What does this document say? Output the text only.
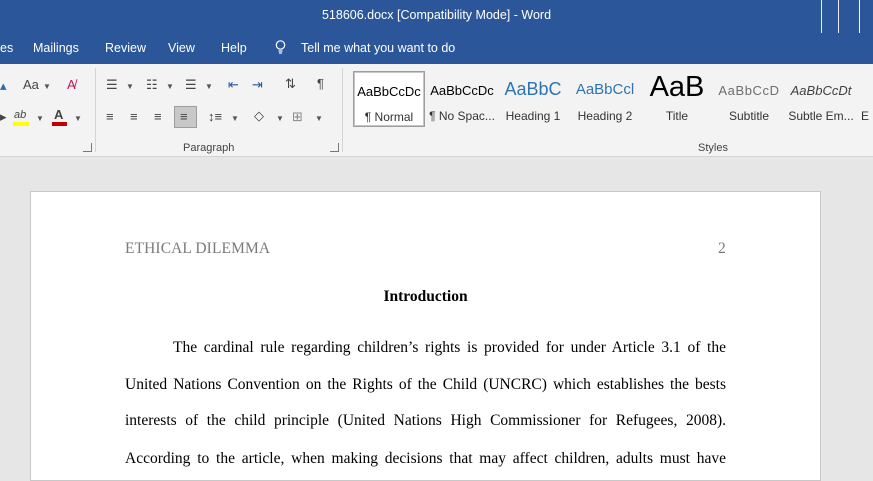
518606.docx [Compatibility Mode] - Word
es Mailings Review View Help	Tell me what you want to do
▴ Aa ▼ A̸
▸ ab ▼ A ▼
☰ ▼ ☷ ▼ ☰ ▼ ⇤ ⇥ ⇅ ¶
≡ ≡ ≡ ≡ ↕≡ ▼ ◇ ▼ ⊞ ▼
Paragraph
AaBbCcDc
¶ Normal
AaBbCcDc
¶ No Spac...
AaBbC
Heading 1
AaBbCcl
Heading 2
AaB
Title
AaBbCcD
Subtitle
AaBbCcDt
Subtle Em... E
Styles
ETHICAL DILEMMA	2
Introduction
The cardinal rule regarding children’s rights is provided for under Article 3.1 of the
United Nations Convention on the Rights of the Child (UNCRC) which establishes the bests
interests of the child principle (United Nations High Commissioner for Refugees, 2008).
According to the article, when making decisions that may affect children, adults must have
